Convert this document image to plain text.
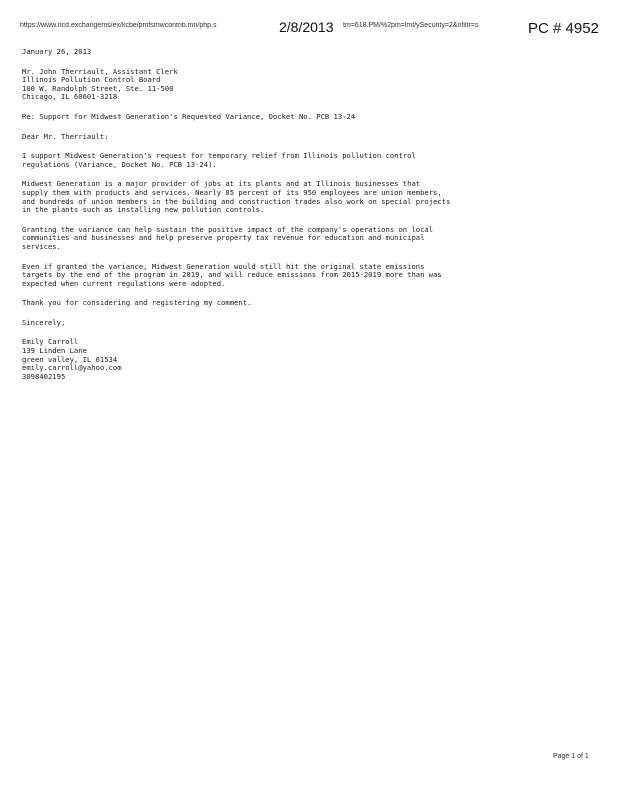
https://www.ncd.exchangems/ex/kcbe/pmfsmwcontrib.mn/php.s	2/8/2013 tm=618.PM/%2pm=lmt/ySecurity=2&nfiltr=s	PC # 4952
January 26, 2013
Mr. John Therriault, Assistant Clerk
Illinois Pollution Control Board
100 W. Randolph Street, Ste. 11-500
Chicago, IL 60601-3218
Re: Support for Midwest Generation's Requested Variance, Docket No. PCB 13-24
Dear Mr. Therriault:
I support Midwest Generation's request for temporary relief from Illinois pollution control
regulations (Variance, Docket No. PCB 13-24).
Midwest Generation is a major provider of jobs at its plants and at Illinois businesses that
supply them with products and services. Nearly 85 percent of its 950 employees are union members,
and hundreds of union members in the building and construction trades also work on special projects
in the plants such as installing new pollution controls.
Granting the variance can help sustain the positive impact of the company's operations on local
communities and businesses and help preserve property tax revenue for education and municipal
services.
Even if granted the variance, Midwest Generation would still hit the original state emissions
targets by the end of the program in 2019, and will reduce emissions from 2015-2019 more than was
expected when current regulations were adopted.
Thank you for considering and registering my comment.
Sincerely,
Emily Carroll
139 Linden Lane
green valley, IL 61534
emily.carroll@yahoo.com
3098402195
Page 1 of 1
